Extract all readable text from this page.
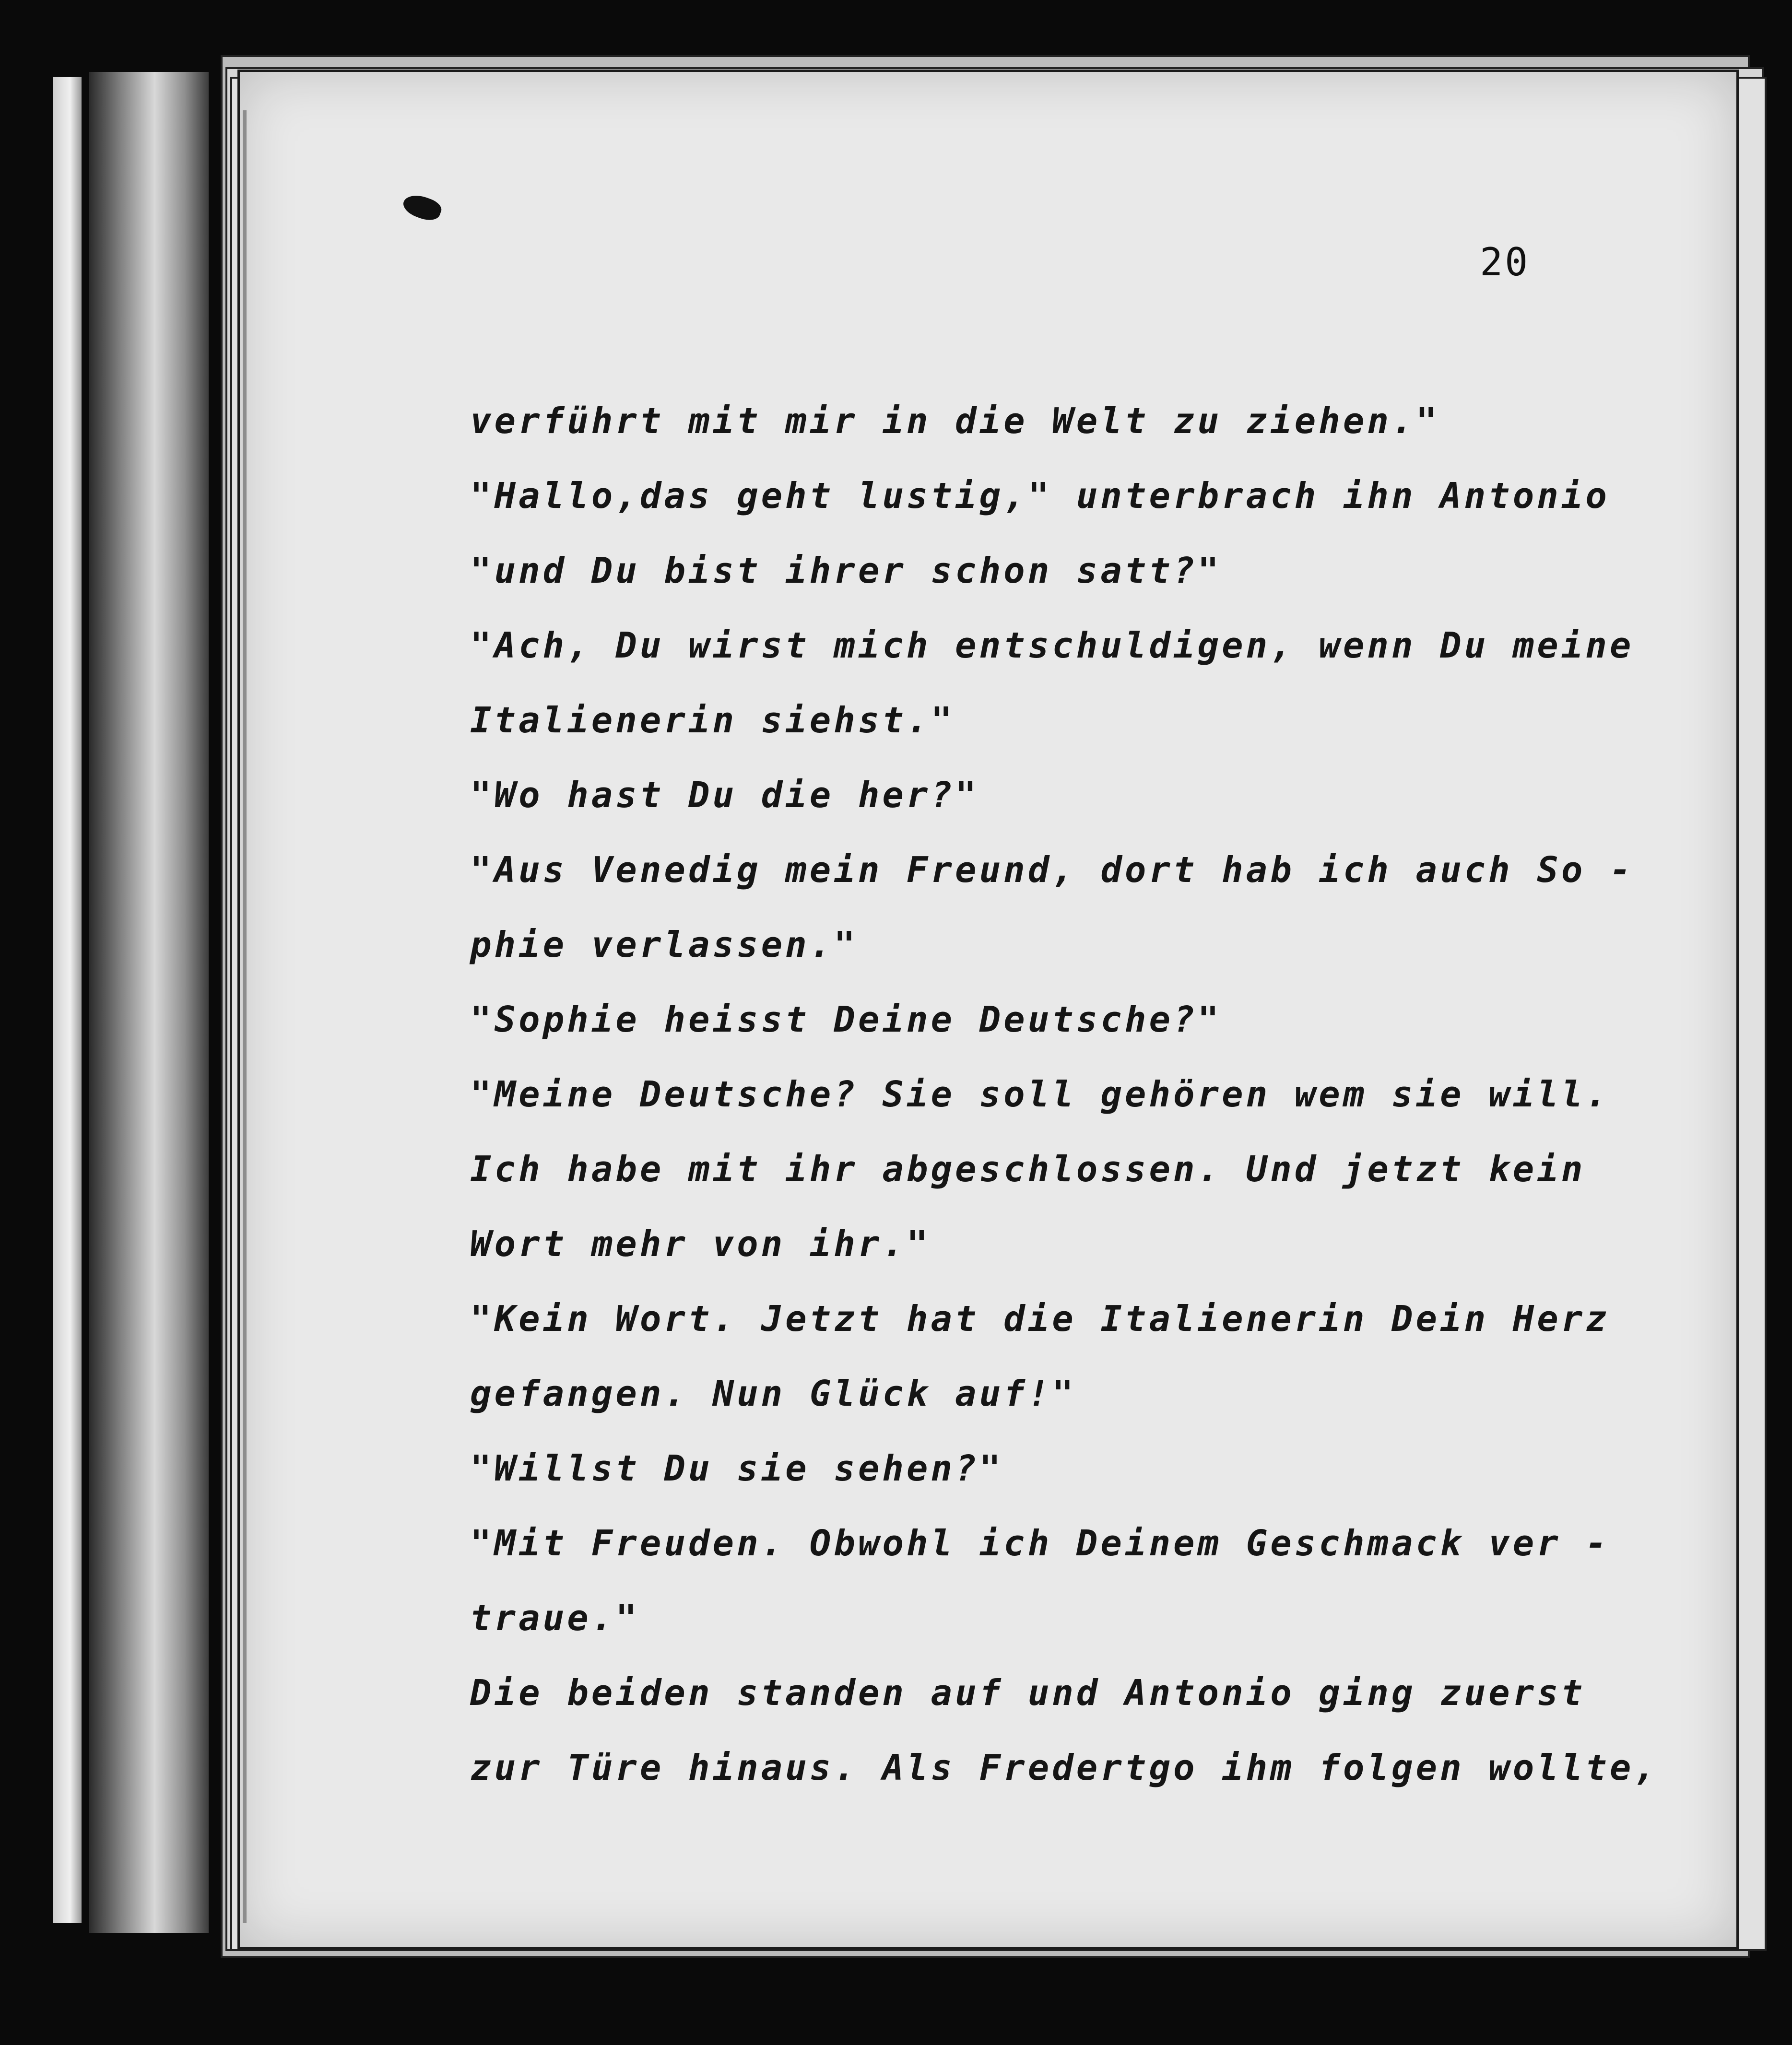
20
verführt mit mir in die Welt zu ziehen."
"Hallo,das geht lustig," unterbrach ihn Antonio
"und Du bist ihrer schon satt?"
"Ach, Du wirst mich entschuldigen, wenn Du meine
Italienerin siehst."
"Wo hast Du die her?"
"Aus Venedig mein Freund, dort hab ich auch So -
phie verlassen."
"Sophie heisst Deine Deutsche?"
"Meine Deutsche? Sie soll gehören wem sie will.
Ich habe mit ihr abgeschlossen. Und jetzt kein
Wort mehr von ihr."
"Kein Wort. Jetzt hat die Italienerin Dein Herz
gefangen. Nun Glück auf!"
"Willst Du sie sehen?"
"Mit Freuden. Obwohl ich Deinem Geschmack ver -
traue."
Die beiden standen auf und Antonio ging zuerst
zur Türe hinaus. Als Fredertgo ihm folgen wollte,
